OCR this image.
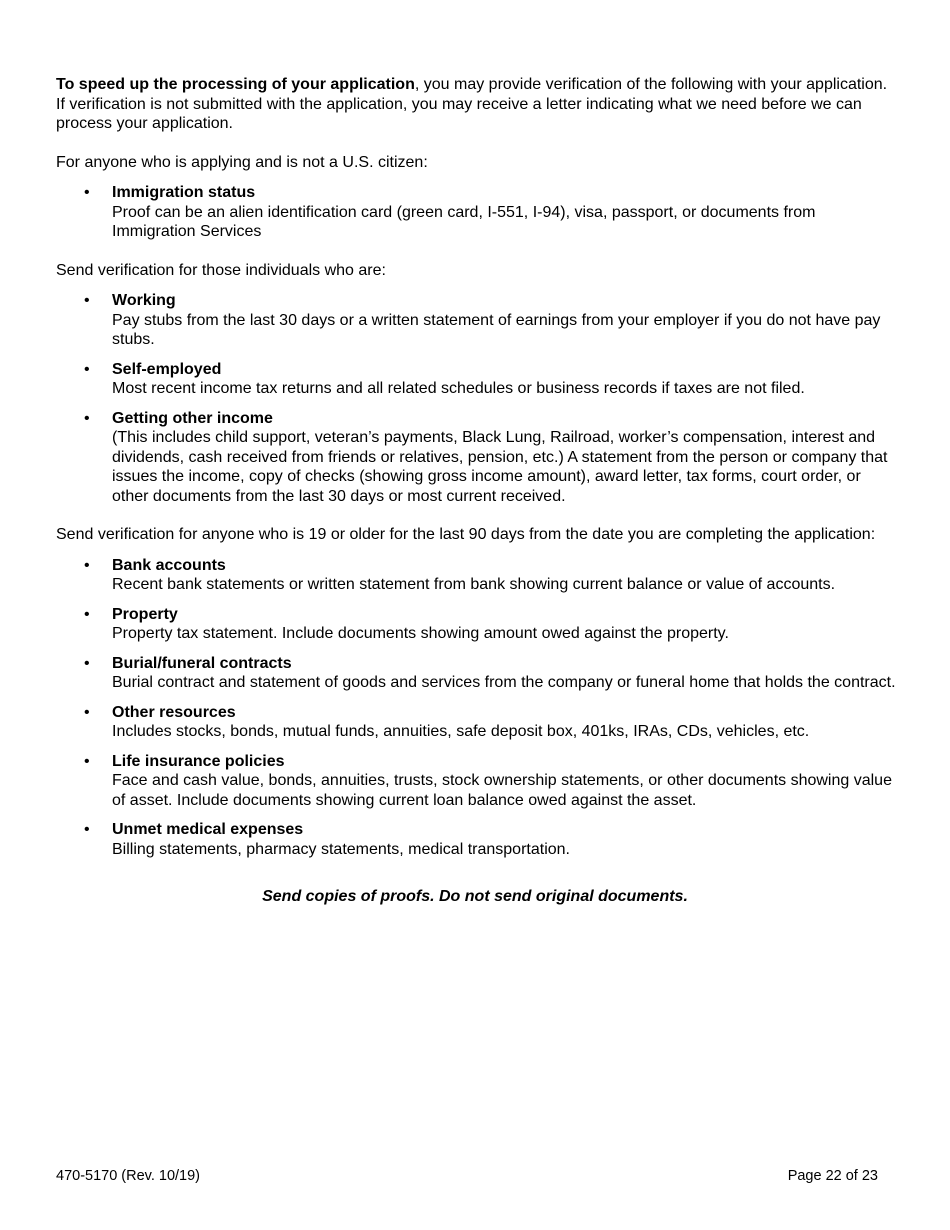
To speed up the processing of your application, you may provide verification of the following with your application. If verification is not submitted with the application, you may receive a letter indicating what we need before we can process your application.

For anyone who is applying and is not a U.S. citizen:

• Immigration status
Proof can be an alien identification card (green card, I-551, I-94), visa, passport, or documents from Immigration Services

Send verification for those individuals who are:

• Working
Pay stubs from the last 30 days or a written statement of earnings from your employer if you do not have pay stubs.
• Self-employed
Most recent income tax returns and all related schedules or business records if taxes are not filed.
• Getting other income
(This includes child support, veteran’s payments, Black Lung, Railroad, worker’s compensation, interest and dividends, cash received from friends or relatives, pension, etc.) A statement from the person or company that issues the income, copy of checks (showing gross income amount), award letter, tax forms, court order, or other documents from the last 30 days or most current received.

Send verification for anyone who is 19 or older for the last 90 days from the date you are completing the application:

• Bank accounts
Recent bank statements or written statement from bank showing current balance or value of accounts.
• Property
Property tax statement. Include documents showing amount owed against the property.
• Burial/funeral contracts
Burial contract and statement of goods and services from the company or funeral home that holds the contract.
• Other resources
Includes stocks, bonds, mutual funds, annuities, safe deposit box, 401ks, IRAs, CDs, vehicles, etc.
• Life insurance policies
Face and cash value, bonds, annuities, trusts, stock ownership statements, or other documents showing value of asset. Include documents showing current loan balance owed against the asset.
• Unmet medical expenses
Billing statements, pharmacy statements, medical transportation.

Send copies of proofs. Do not send original documents.

470-5170 (Rev. 10/19)	Page 22 of 23
